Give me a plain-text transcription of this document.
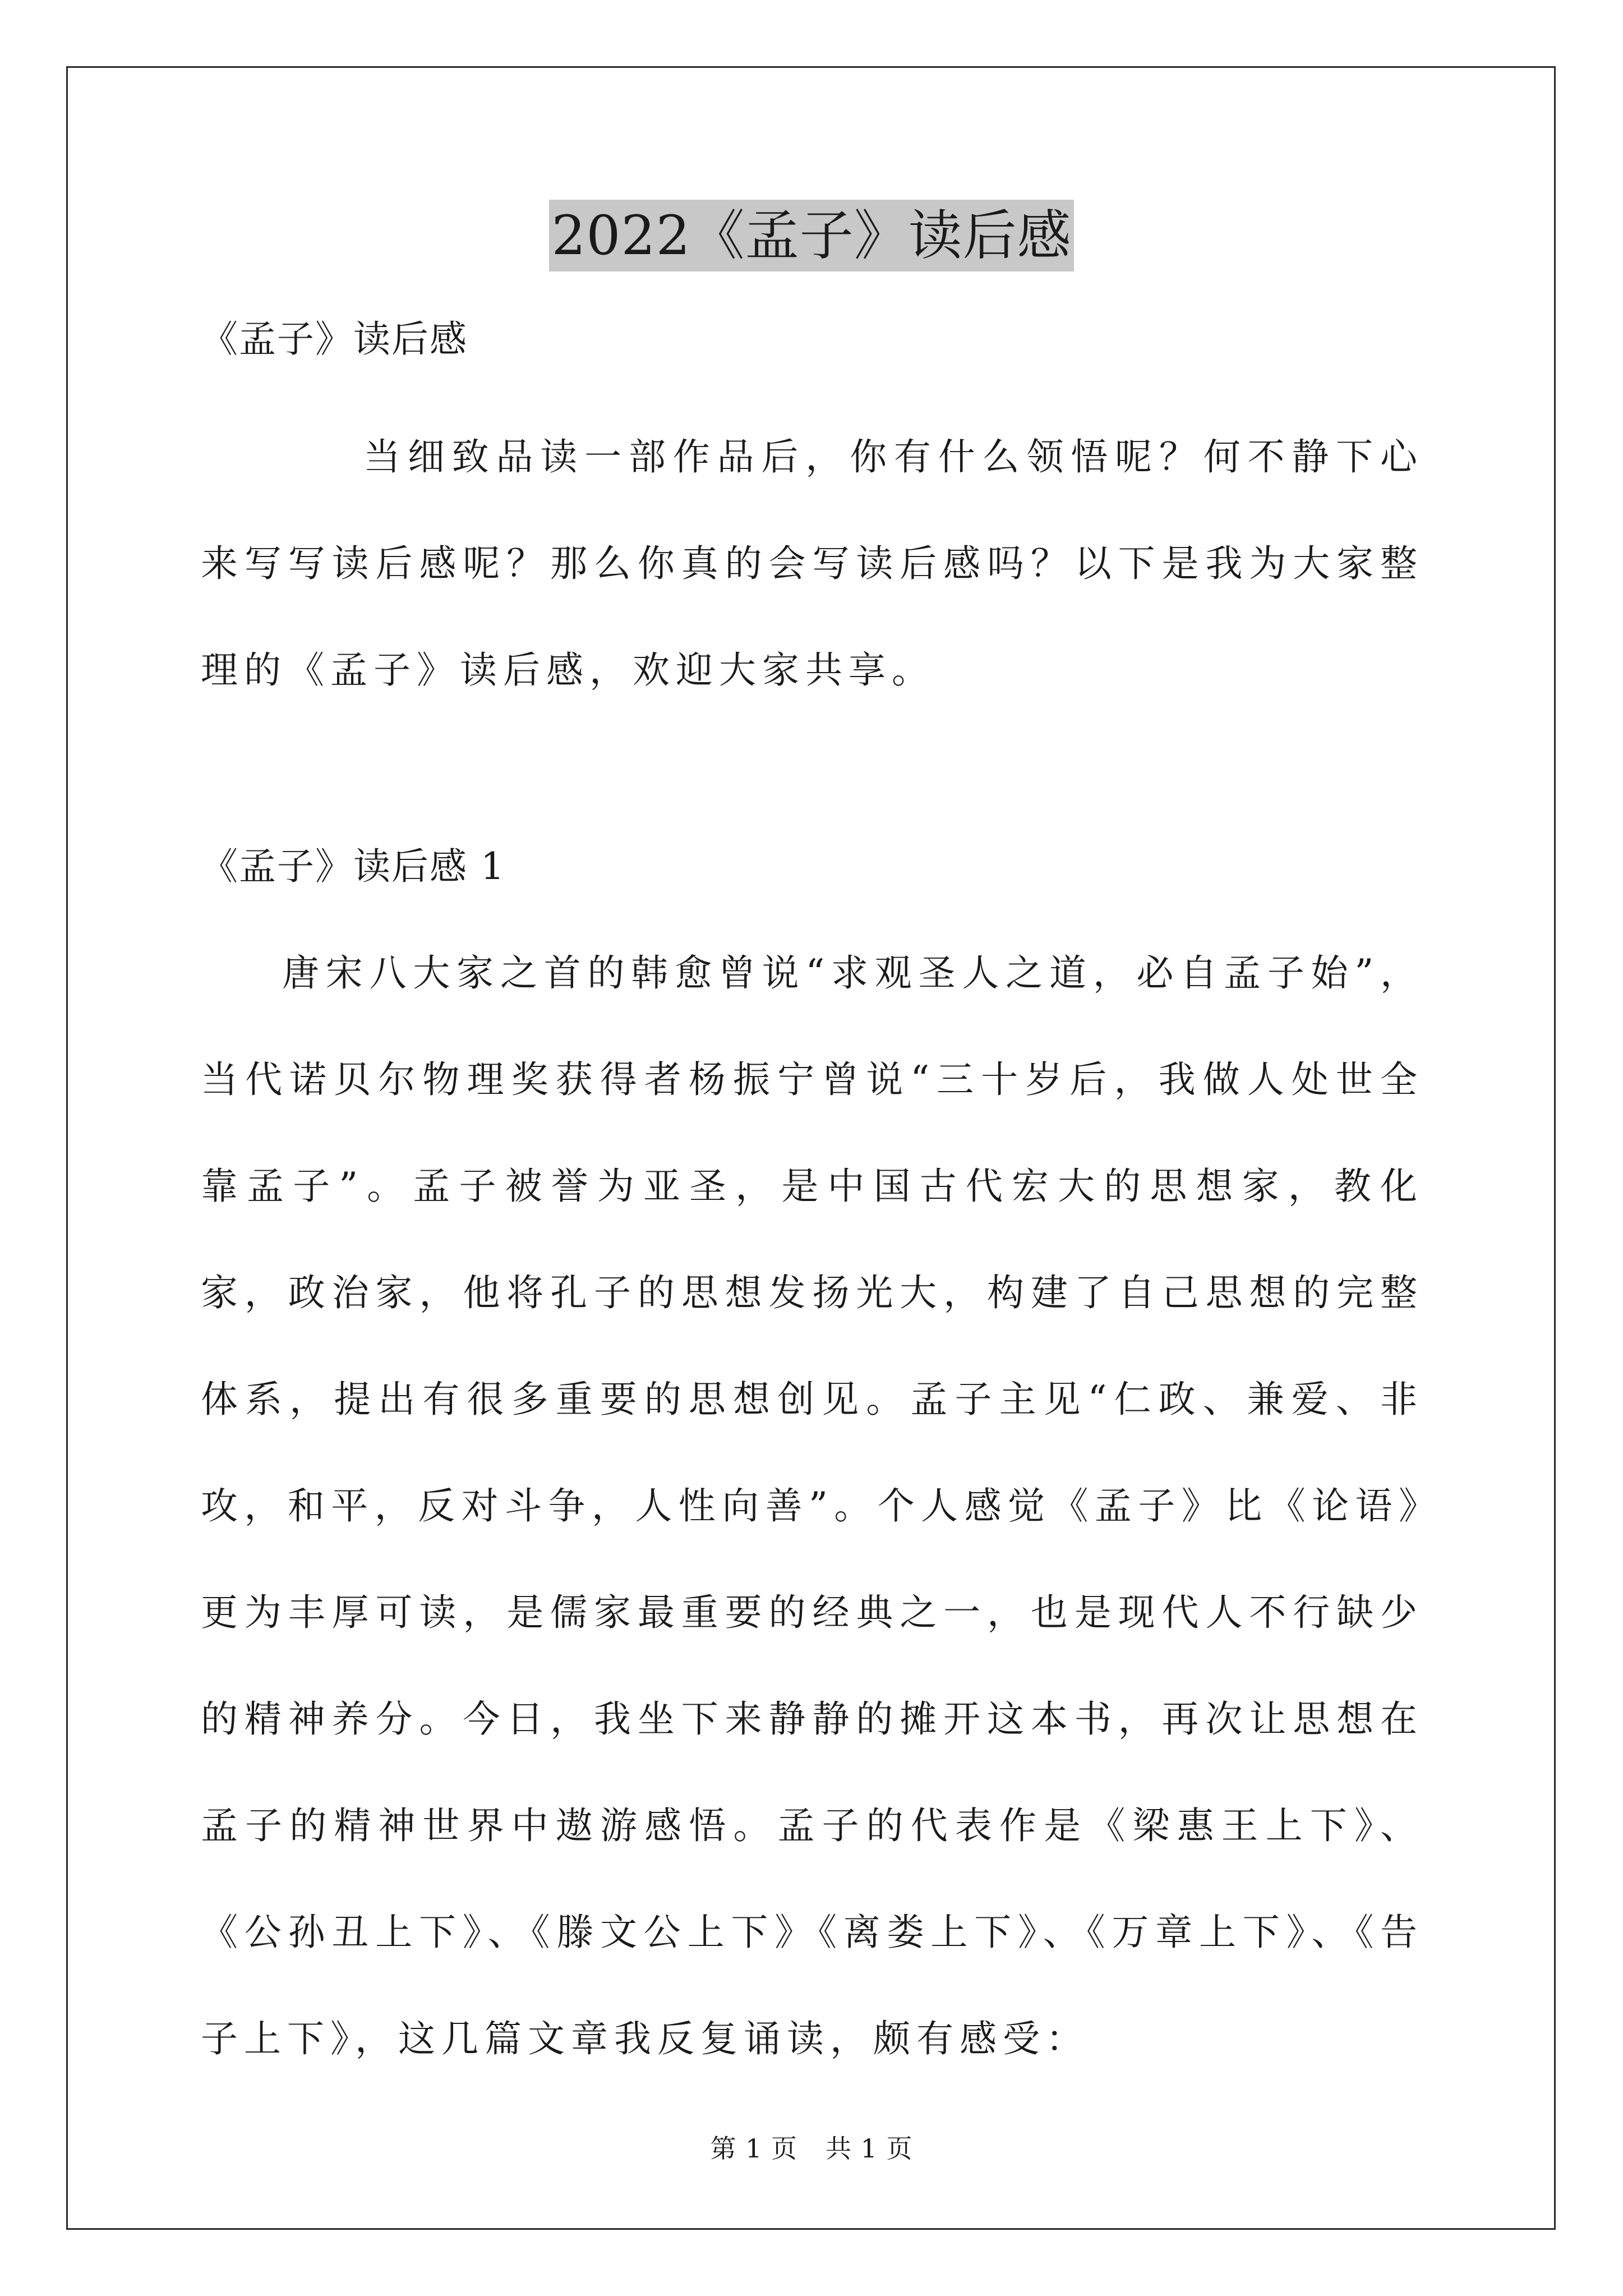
2022《孟子》读后感

《孟子》读后感

当细致品读一部作品后，你有什么领悟呢？何不静下心来写写读后感呢？那么你真的会写读后感吗？以下是我为大家整理的《孟子》读后感，欢迎大家共享。

《孟子》读后感 1

唐宋八大家之首的韩愈曾说“求观圣人之道，必自孟子始”，当代诺贝尔物理奖获得者杨振宁曾说“三十岁后，我做人处世全靠孟子”。孟子被誉为亚圣，是中国古代宏大的思想家，教化家，政治家，他将孔子的思想发扬光大，构建了自己思想的完整体系，提出有很多重要的思想创见。孟子主见“仁政、兼爱、非攻，和平，反对斗争，人性向善”。个人感觉《孟子》比《论语》更为丰厚可读，是儒家最重要的经典之一，也是现代人不行缺少的精神养分。今日，我坐下来静静的摊开这本书，再次让思想在孟子的精神世界中遨游感悟。孟子的代表作是《梁惠王上下》、《公孙丑上下》、《滕文公上下》《离娄上下》、《万章上下》、《告子上下》，这几篇文章我反复诵读，颇有感受：

第 1 页 共 1 页
